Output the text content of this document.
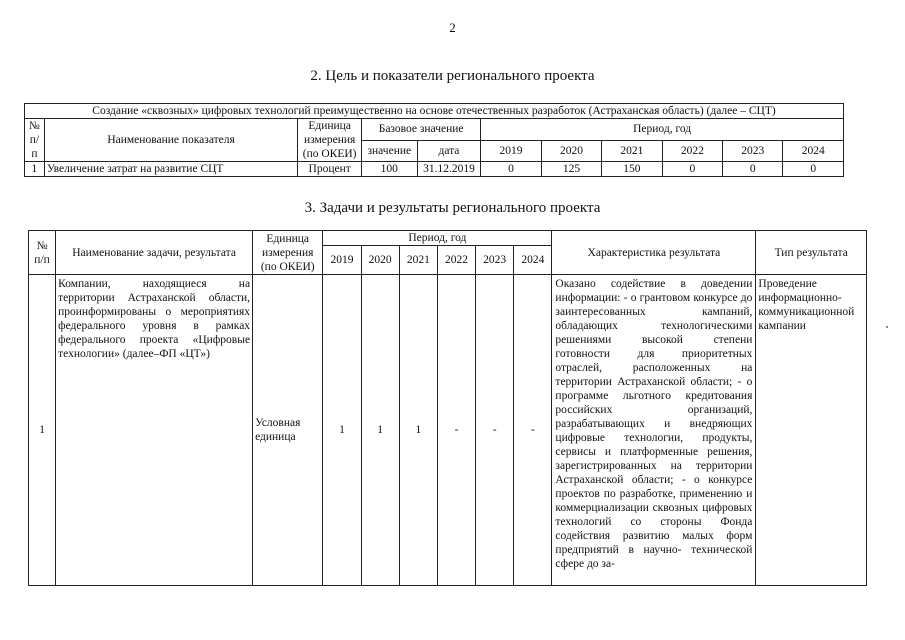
2
2. Цель и показатели регионального проекта
Создание «сквозных» цифровых технологий преимущественно на основе отечественных разработок (Астраханская область) (далее – СЦТ)										
№ п/п	Наименование показателя	Единица измерения (по ОКЕИ)	Базовое значение		Период, год					
			значение	дата	2019	2020	2021	2022	2023	2024
1	Увеличение затрат на развитие СЦТ	Процент	100	31.12.2019	0	125	150	0	0	0
3. Задачи и результаты регионального проекта
№ п/п	Наименование задачи, результата	Единица измерения (по ОКЕИ)	Период, год						Характеристика результата	Тип результата
			2019	2020	2021	2022	2023	2024		
1	Компании, находящиеся на территории Астраханской области, проинформированы о мероприятиях федерального уровня в рамках федерального проекта «Цифровые технологии» (далее–ФП «ЦТ»)	Условная единица	1	1	1	-	-	-	Оказано содействие в доведении информации: - о грантовом конкурсе до заинтересованных кампаний, обладающих технологическими решениями высокой степени готовности для приоритетных отраслей, расположенных на территории Астраханской области; - о программе льготного кредитования российских организаций, разрабатывающих и внедряющих цифровые технологии, продукты, сервисы и платформенные решения, зарегистрированных на территории Астраханской области; - о конкурсе проектов по разработке, применению и коммерциализации сквозных цифровых технологий со стороны Фонда содействия развитию малых форм предприятий в научно- технической сфере до за-	Проведение информационно-коммуникационной кампании
